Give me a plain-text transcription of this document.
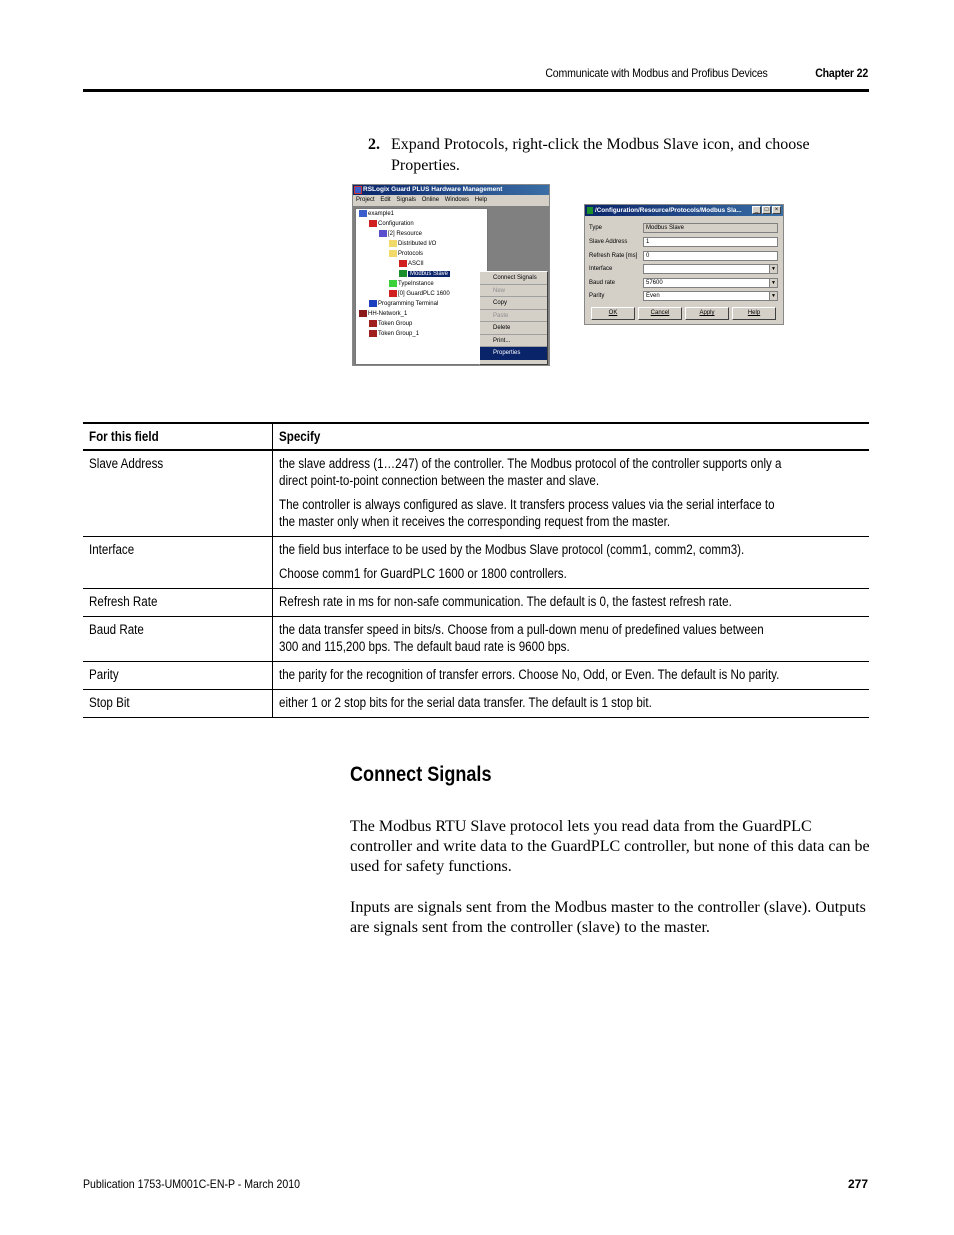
Communicate with Modbus and Profibus Devices	Chapter 22
2. Expand Protocols, right-click the Modbus Slave icon, and choose Properties.
RSLogix Guard PLUS Hardware Management
Project Edit Signals Online Windows Help
example1
Configuration
[2] Resource
Distributed I/O
Protocols
ASCII
Modbus Slave
TypeInstance
[0] GuardPLC 1600
Programming Terminal
HH-Network_1
Token Group
Token Group_1
Connect Signals
New
Copy
Paste
Delete
Print...
Properties
/Configuration/Resource/Protocols/Modbus Sla...	_	□	×
Type	Modbus Slave
Slave Address	1
Refresh Rate [ms]	0
Interface	▼
Baud rate	57600	▼
Parity	Even	▼
OK	Cancel	Apply	Help
For this field	Specify
Slave Address	the slave address (1…247) of the controller. The Modbus protocol of the controller supports only a
direct point-to-point connection between the master and slave.

The controller is always configured as slave. It transfers process values via the serial interface to
the master only when it receives the corresponding request from the master.

Interface	the field bus interface to be used by the Modbus Slave protocol (comm1, comm2, comm3).

Choose comm1 for GuardPLC 1600 or 1800 controllers.

Refresh Rate	Refresh rate in ms for non-safe communication. The default is 0, the fastest refresh rate.

Baud Rate	the data transfer speed in bits/s. Choose from a pull-down menu of predefined values between
300 and 115,200 bps. The default baud rate is 9600 bps.

Parity	the parity for the recognition of transfer errors. Choose No, Odd, or Even. The default is No parity.

Stop Bit	either 1 or 2 stop bits for the serial data transfer. The default is 1 stop bit.

Connect Signals
The Modbus RTU Slave protocol lets you read data from the GuardPLC controller and write data to the GuardPLC controller, but none of this data can be used for safety functions.
Inputs are signals sent from the Modbus master to the controller (slave). Outputs are signals sent from the controller (slave) to the master.
Publication 1753-UM001C-EN-P - March 2010	277
